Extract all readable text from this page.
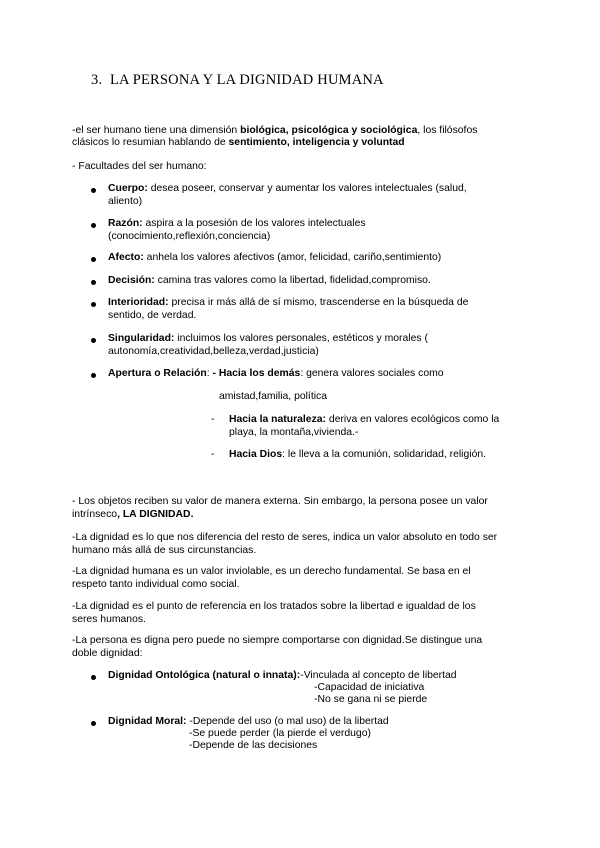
3. LA PERSONA Y LA DIGNIDAD HUMANA
-el ser humano tiene una dimensión biológica, psicológica y sociológica, los filósofos
clásicos lo resumian hablando de sentimiento, inteligencia y voluntad
- Facultades del ser humano:
Cuerpo: desea poseer, conservar y aumentar los valores intelectuales (salud,
aliento)
Razón: aspira a la posesión de los valores intelectuales
(conocimiento,reflexión,conciencia)
Afecto: anhela los valores afectivos (amor, felicidad, cariño,sentimiento)
Decisión: camina tras valores como la libertad, fidelidad,compromiso.
Interioridad: precisa ir más allá de sí mismo, trascenderse en la búsqueda de
sentido, de verdad.
Singularidad: incluimos los valores personales, estéticos y morales (
autonomía,creatividad,belleza,verdad,justicia)
Apertura o Relación: - Hacia los demás: genera valores sociales como
amistad,familia, política
- Hacia la naturaleza: deriva en valores ecológicos como la
playa, la montaña,vivienda.-
- Hacia Dios: le lleva a la comunión, solidaridad, religión.
- Los objetos reciben su valor de manera externa. Sin embargo, la persona posee un valor
intrínseco, LA DIGNIDAD.
-La dignidad es lo que nos diferencia del resto de seres, indica un valor absoluto en todo ser
humano más allá de sus circunstancias.
-La dignidad humana es un valor inviolable, es un derecho fundamental. Se basa en el
respeto tanto individual como social.
-La dignidad es el punto de referencia en los tratados sobre la libertad e igualdad de los
seres humanos.
-La persona es digna pero puede no siempre comportarse con dignidad.Se distingue una
doble dignidad:
Dignidad Ontológica (natural o innata):-Vinculada al concepto de libertad
-Capacidad de iniciativa
-No se gana ni se pierde
Dignidad Moral: -Depende del uso (o mal uso) de la libertad
-Se puede perder (la pierde el verdugo)
-Depende de las decisiones
